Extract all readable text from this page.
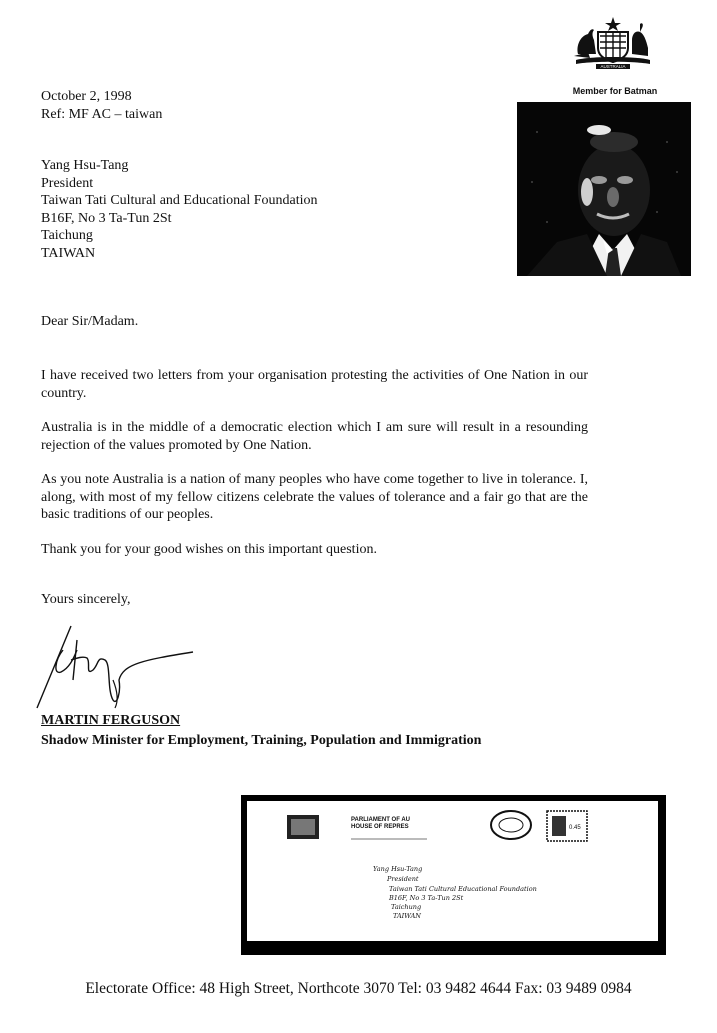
AUSTRALIA
Member for Batman
October 2, 1998
Ref: MF AC – taiwan
Yang Hsu-Tang
President
Taiwan Tati Cultural and Educational Foundation
B16F, No 3 Ta-Tun 2St
Taichung
TAIWAN
Dear Sir/Madam.
I have received two letters from your organisation protesting the activities of One Nation in our country.
Australia is in the middle of a democratic election which I am sure will result in a resounding rejection of the values promoted by One Nation.
As you note Australia is a nation of many peoples who have come together to live in tolerance. I, along, with most of my fellow citizens celebrate the values of tolerance and a fair go that are the basic traditions of our peoples.
Thank you for your good wishes on this important question.
Yours sincerely,
MARTIN FERGUSON
Shadow Minister for Employment, Training, Population and Immigration
PARLIAMENT OF AU
HOUSE OF REPRES	0.45
Yang Hsu-Tang
President
Taiwan Tati Cultural Educational Foundation
B16F, No 3 Ta-Tun 2St
Taichung
TAIWAN
Electorate Office: 48 High Street, Northcote 3070 Tel: 03 9482 4644 Fax: 03 9489 0984
